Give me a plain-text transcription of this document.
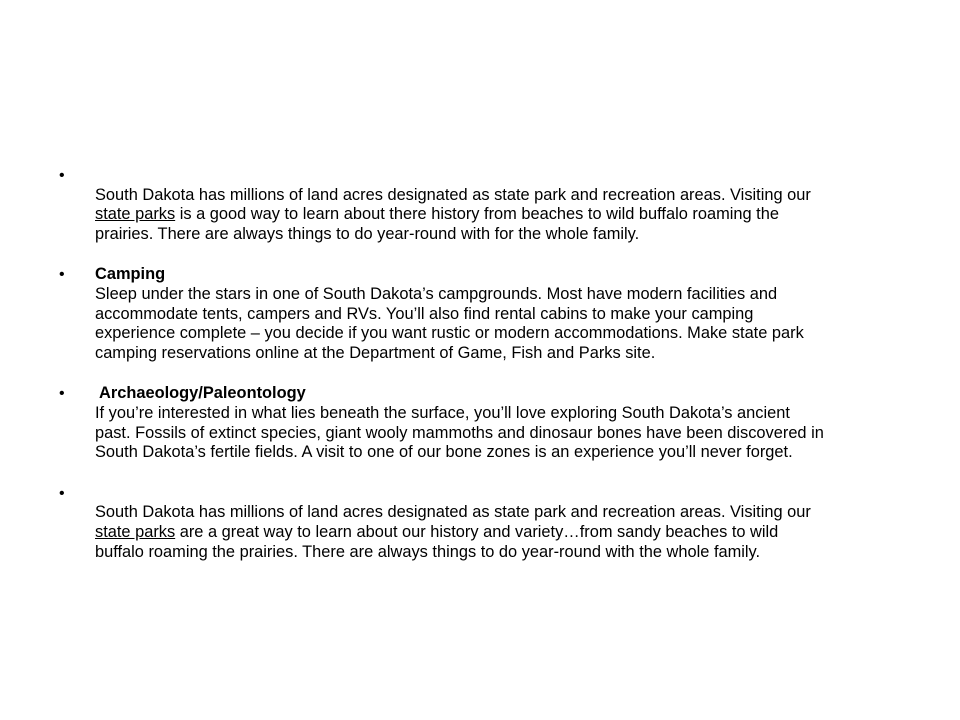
•
South Dakota has millions of land acres designated as state park and recreation areas. Visiting our
state parks is a good way to learn about there history from beaches to wild buffalo roaming the
prairies. There are always things to do year-round with for the whole family.
• Camping
Sleep under the stars in one of South Dakota’s campgrounds. Most have modern facilities and
accommodate tents, campers and RVs. You’ll also find rental cabins to make your camping
experience complete – you decide if you want rustic or modern accommodations. Make state park
camping reservations online at the Department of Game, Fish and Parks site.
• Archaeology/Paleontology
If you’re interested in what lies beneath the surface, you’ll love exploring South Dakota’s ancient
past. Fossils of extinct species, giant wooly mammoths and dinosaur bones have been discovered in
South Dakota’s fertile fields. A visit to one of our bone zones is an experience you’ll never forget.
•
South Dakota has millions of land acres designated as state park and recreation areas. Visiting our
state parks are a great way to learn about our history and variety…from sandy beaches to wild
buffalo roaming the prairies. There are always things to do year-round with the whole family.
